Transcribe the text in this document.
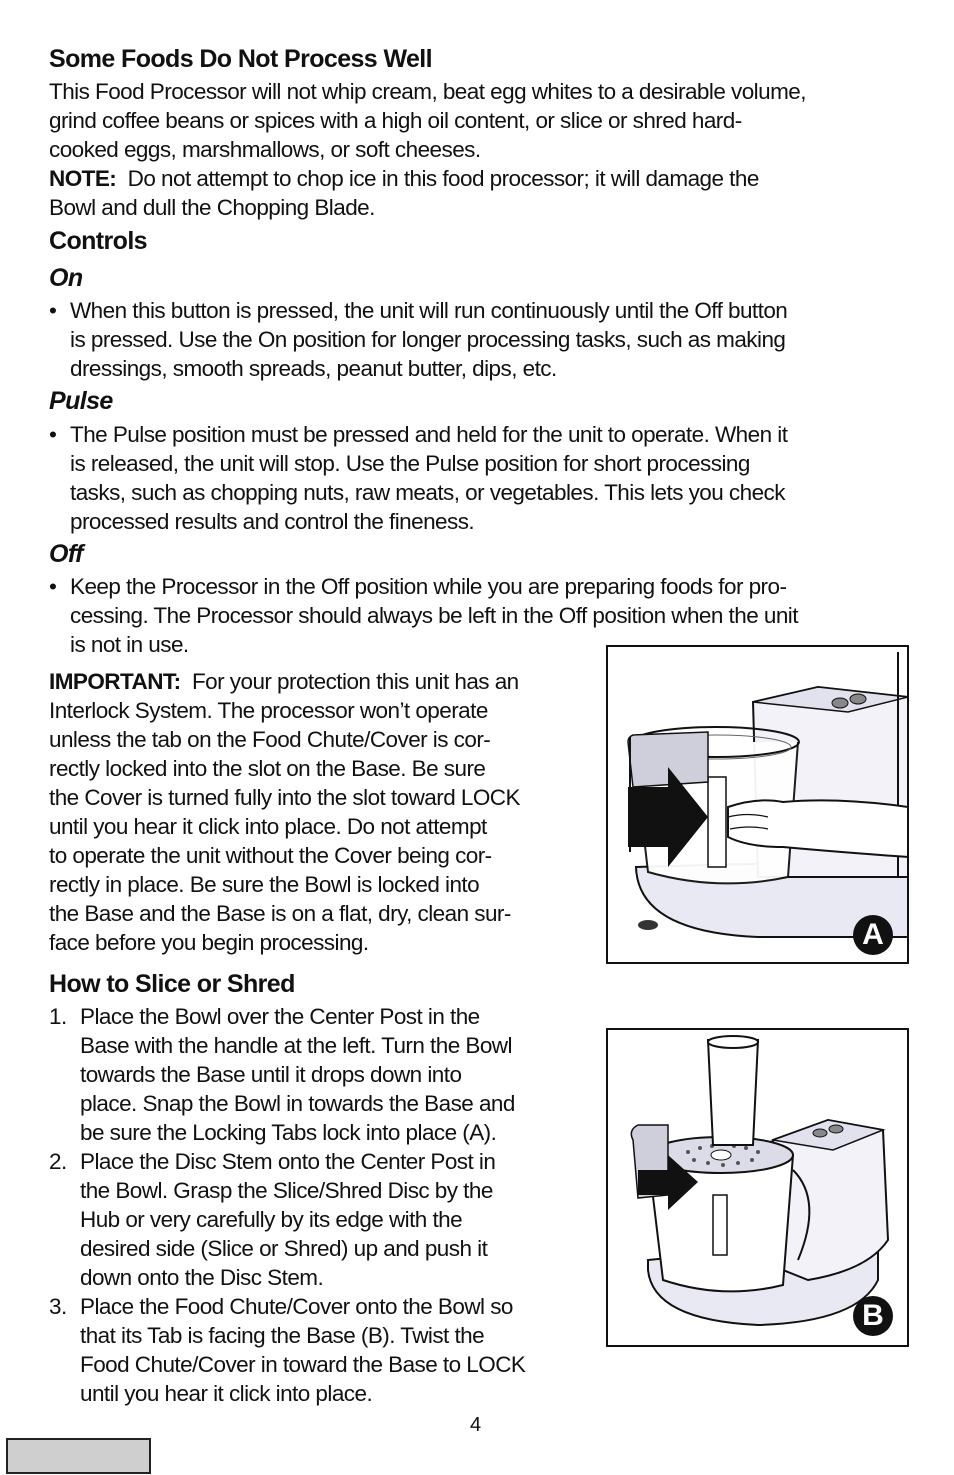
Some Foods Do Not Process Well
This Food Processor will not whip cream, beat egg whites to a desirable volume,
grind coffee beans or spices with a high oil content, or slice or shred hard-
cooked eggs, marshmallows, or soft cheeses.
NOTE: Do not attempt to chop ice in this food processor; it will damage the
Bowl and dull the Chopping Blade.
Controls
On
• When this button is pressed, the unit will run continuously until the Off button
is pressed. Use the On position for longer processing tasks, such as making
dressings, smooth spreads, peanut butter, dips, etc.
Pulse
• The Pulse position must be pressed and held for the unit to operate. When it
is released, the unit will stop. Use the Pulse position for short processing
tasks, such as chopping nuts, raw meats, or vegetables. This lets you check
processed results and control the fineness.
Off
• Keep the Processor in the Off position while you are preparing foods for pro-
cessing. The Processor should always be left in the Off position when the unit
is not in use.
IMPORTANT: For your protection this unit has an
Interlock System. The processor won’t operate
unless the tab on the Food Chute/Cover is cor-
rectly locked into the slot on the Base. Be sure
the Cover is turned fully into the slot toward LOCK
until you hear it click into place. Do not attempt
to operate the unit without the Cover being cor-
rectly in place. Be sure the Bowl is locked into
the Base and the Base is on a flat, dry, clean sur-
face before you begin processing.	A
How to Slice or Shred
1. Place the Bowl over the Center Post in the
Base with the handle at the left. Turn the Bowl
towards the Base until it drops down into
place. Snap the Bowl in towards the Base and
be sure the Locking Tabs lock into place (A).
2. Place the Disc Stem onto the Center Post in
the Bowl. Grasp the Slice/Shred Disc by the
Hub or very carefully by its edge with the
desired side (Slice or Shred) up and push it
down onto the Disc Stem.
3. Place the Food Chute/Cover onto the Bowl so
that its Tab is facing the Base (B). Twist the
Food Chute/Cover in toward the Base to LOCK
until you hear it click into place.
B
4
